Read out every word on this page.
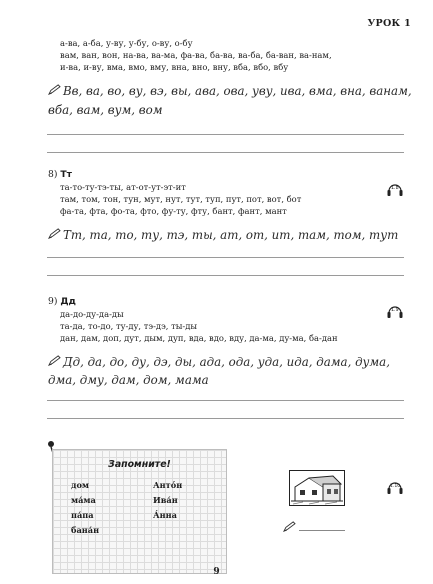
УРОК 1
а-ва, а-ба, у-ву, у-бу, о-ву, о-бу
вам, ван, вон, на-ва, ва-ма, фа-ва, ба-ва, ва-ба, ба-ван, ва-нам,
и-ва, и-ву, вма, вмо, вму, вна, вно, вну, вба, вбо, вбу
Вв, ва, во, ву, вэ, вы, ава, ова, уву, ива, вма, вна, ванам,
вба, вам, вум, вом
8) Тт
та-то-ту-тэ-ты, ат-от-ут-эт-ит
там, том, тон, тун, мут, нут, тут, туп, пут, пот, вот, бот
фа-та, фта, фо-та, фто, фу-ту, фту, бант, фант, мант
1.8
Тт, та, то, ту, тэ, ты, ат, от, ит, там, том, тут
9) Дд
да-до-ду-да-ды
та-да, то-до, ту-ду, тэ-дэ, ты-ды
дан, дам, доп, дут, дым, дуп, вда, вдо, вду, да-ма, ду-ма, ба-дан
1.9
Дд, да, до, ду, дэ, ды, ада, ода, уда, ида, дама, дума,
дма, дму, дам, дом, мама
Запомните!
дом
ма́ма
па́па
бана́н
Антóн
Ива́н
А́нна
1.10
9
